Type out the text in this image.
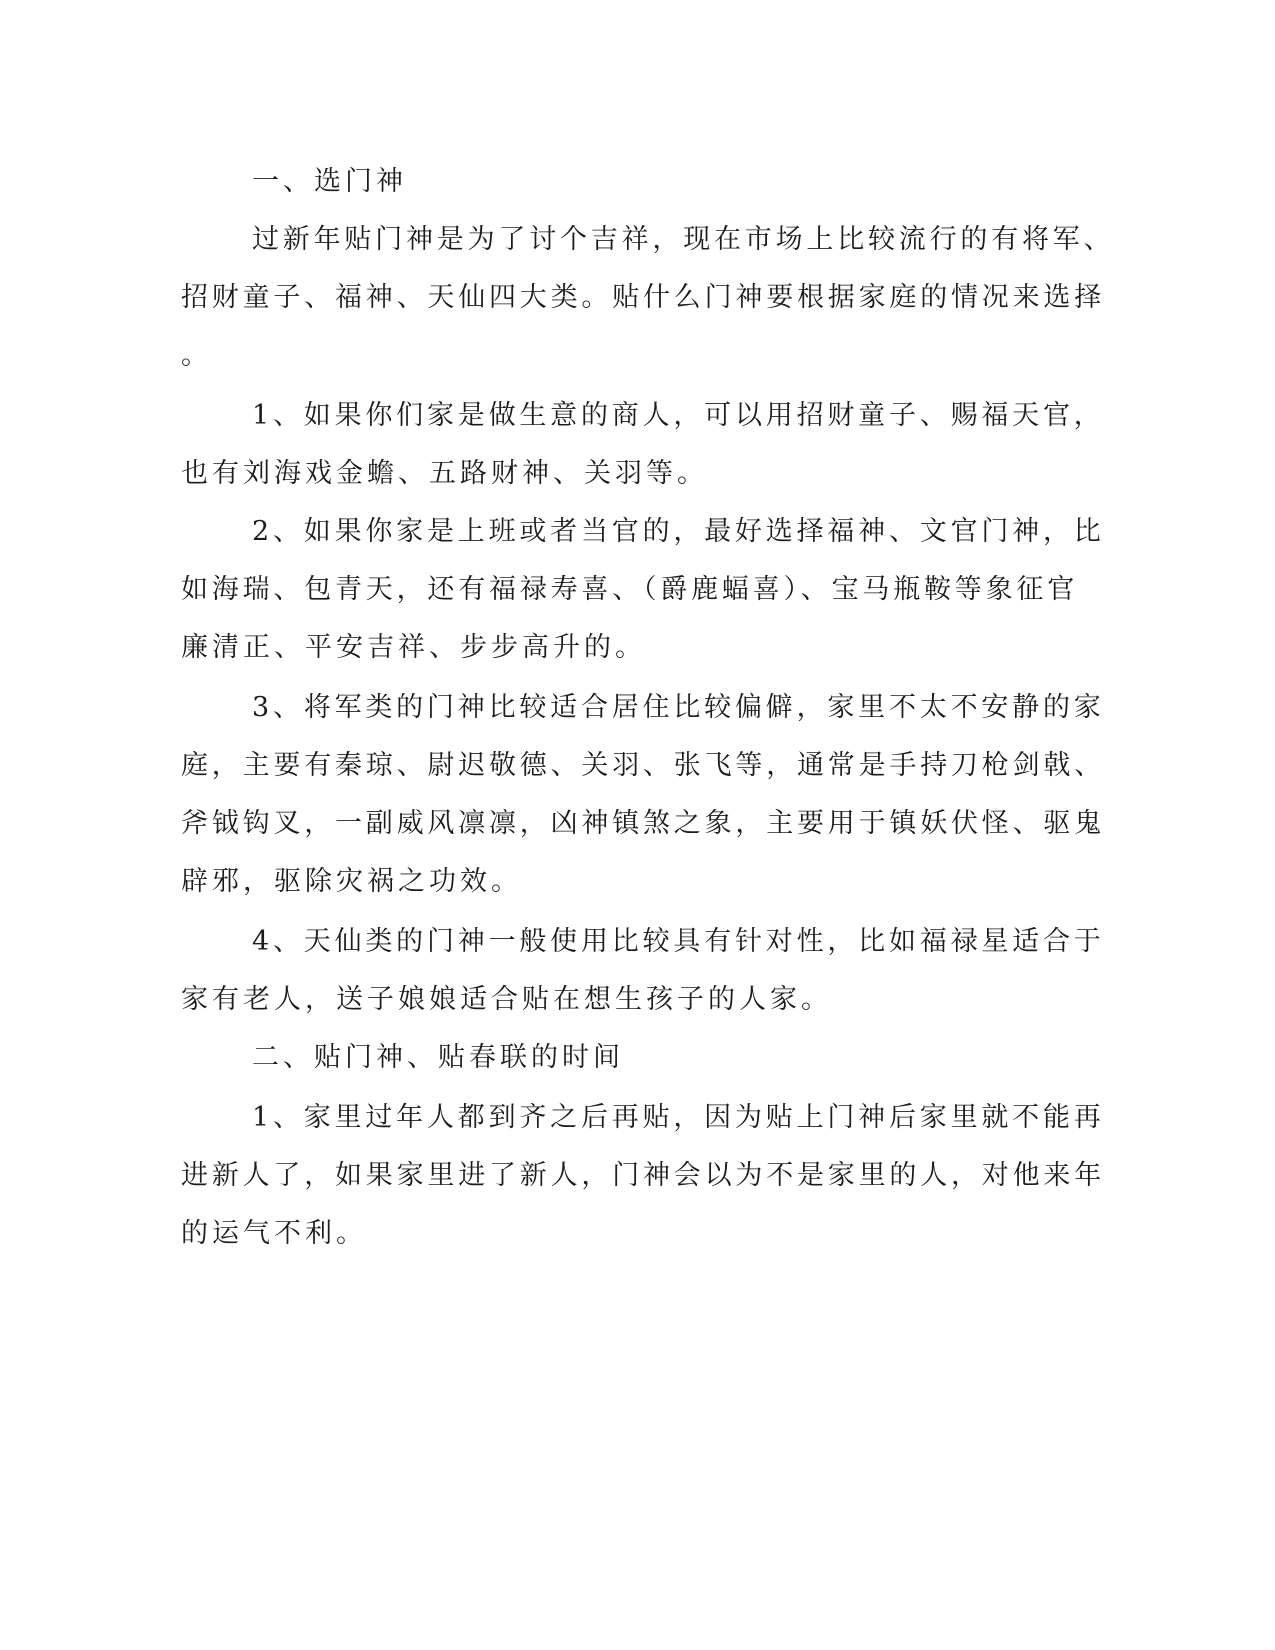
一、选门神

过新年贴门神是为了讨个吉祥，现在市场上比较流行的有将军、

招财童子、福神、天仙四大类。贴什么门神要根据家庭的情况来选择

。

1、如果你们家是做生意的商人，可以用招财童子、赐福天官，

也有刘海戏金蟾、五路财神、关羽等。

2、如果你家是上班或者当官的，最好选择福神、文官门神，比

如海瑞、包青天，还有福禄寿喜、（爵鹿蝠喜）、宝马瓶鞍等象征官

廉清正、平安吉祥、步步高升的。

3、将军类的门神比较适合居住比较偏僻，家里不太不安静的家

庭，主要有秦琼、尉迟敬德、关羽、张飞等，通常是手持刀枪剑戟、

斧钺钩叉，一副威风凛凛，凶神镇煞之象，主要用于镇妖伏怪、驱鬼

辟邪，驱除灾祸之功效。

4、天仙类的门神一般使用比较具有针对性，比如福禄星适合于

家有老人，送子娘娘适合贴在想生孩子的人家。

二、贴门神、贴春联的时间

1、家里过年人都到齐之后再贴，因为贴上门神后家里就不能再

进新人了，如果家里进了新人，门神会以为不是家里的人，对他来年

的运气不利。
